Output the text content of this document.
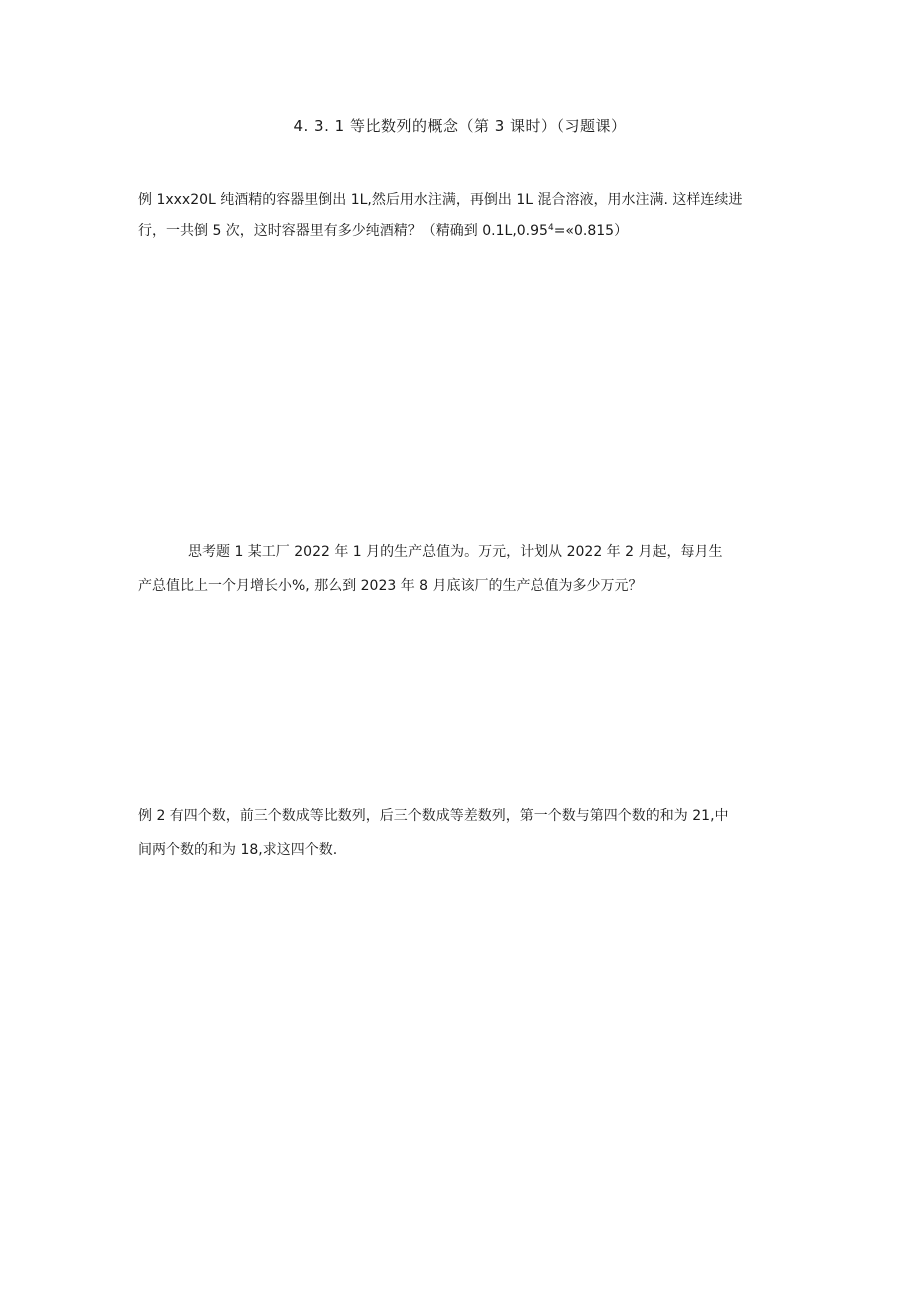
4. 3. 1 等比数列的概念（第 3 课时）（习题课）
例 1xxx20L 纯酒精的容器里倒出 1L,然后用水注满，再倒出 1L 混合溶液，用水注满. 这样连续进
行，一共倒 5 次，这时容器里有多少纯酒精？（精确到 $0.1L,0.95^4=«0.815$）
思考题 1 某工厂 2022 年 1 月的生产总值为。万元，计划从 2022 年 2 月起，每月生
产总值比上一个月增长小%, 那么到 2023 年 8 月底该厂的生产总值为多少万元？
例 2 有四个数，前三个数成等比数列，后三个数成等差数列，第一个数与第四个数的和为 21,中
间两个数的和为 18,求这四个数.
